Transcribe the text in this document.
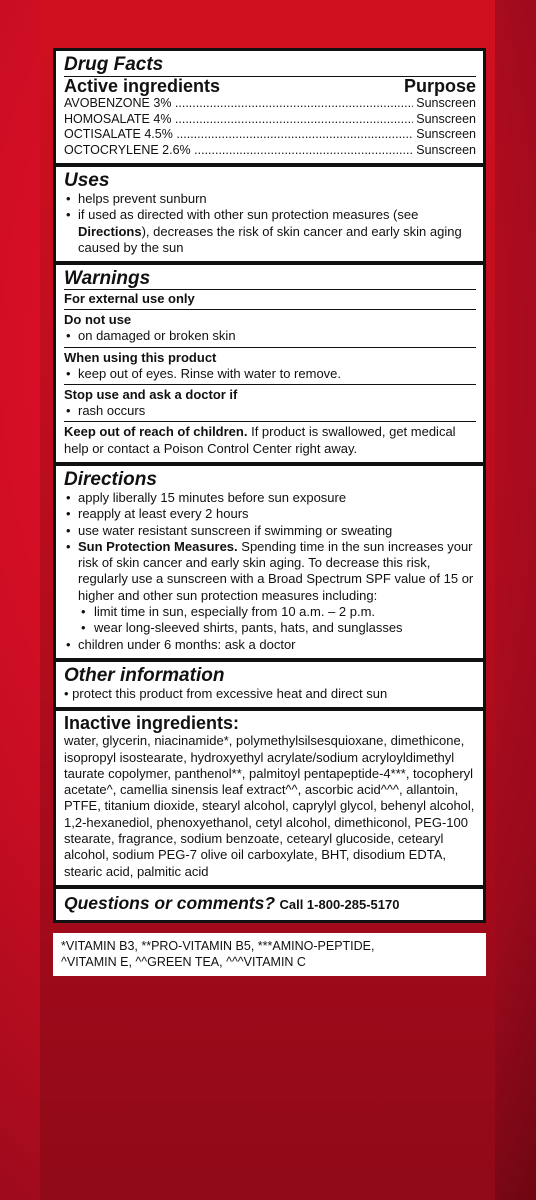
Drug Facts
Active ingredients	Purpose
AVOBENZONE 3% .....	Sunscreen
HOMOSALATE 4% .....	Sunscreen
OCTISALATE 4.5% .....	Sunscreen
OCTOCRYLENE 2.6% .....	Sunscreen
Uses
• helps prevent sunburn
• if used as directed with other sun protection measures (see Directions), decreases the risk of skin cancer and early skin aging caused by the sun
Warnings
For external use only
Do not use
• on damaged or broken skin
When using this product
• keep out of eyes. Rinse with water to remove.
Stop use and ask a doctor if
• rash occurs
Keep out of reach of children. If product is swallowed, get medical help or contact a Poison Control Center right away.
Directions
• apply liberally 15 minutes before sun exposure
• reapply at least every 2 hours
• use water resistant sunscreen if swimming or sweating
• Sun Protection Measures. Spending time in the sun increases your risk of skin cancer and early skin aging. To decrease this risk, regularly use a sunscreen with a Broad Spectrum SPF value of 15 or higher and other sun protection measures including:
• limit time in sun, especially from 10 a.m. – 2 p.m.
• wear long-sleeved shirts, pants, hats, and sunglasses
• children under 6 months: ask a doctor
Other information
• protect this product from excessive heat and direct sun
Inactive ingredients:
water, glycerin, niacinamide*, polymethylsilsesquioxane, dimethicone, isopropyl isostearate, hydroxyethyl acrylate/sodium acryloyldimethyl taurate copolymer, panthenol**, palmitoyl pentapeptide-4***, tocopheryl acetate^, camellia sinensis leaf extract^^, ascorbic acid^^^, allantoin, PTFE, titanium dioxide, stearyl alcohol, caprylyl glycol, behenyl alcohol, 1,2-hexanediol, phenoxyethanol, cetyl alcohol, dimethiconol, PEG-100 stearate, fragrance, sodium benzoate, cetearyl glucoside, cetearyl alcohol, sodium PEG-7 olive oil carboxylate, BHT, disodium EDTA, stearic acid, palmitic acid
Questions or comments? Call 1-800-285-5170
*VITAMIN B3, **PRO-VITAMIN B5, ***AMINO-PEPTIDE,
^VITAMIN E, ^^GREEN TEA, ^^^VITAMIN C
